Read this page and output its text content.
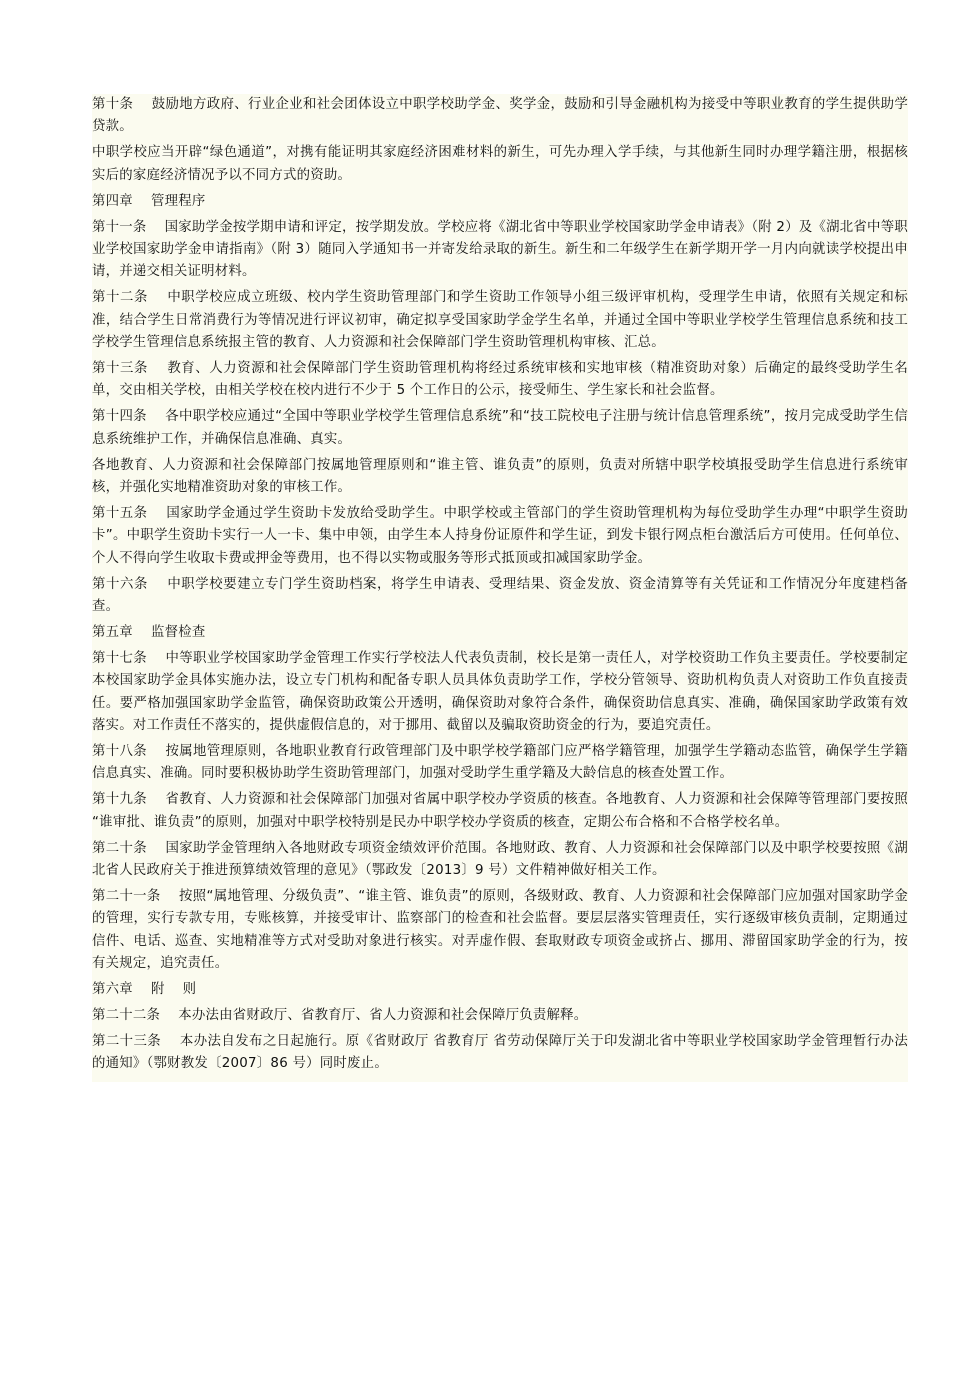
第十条    鼓励地方政府、行业企业和社会团体设立中职学校助学金、奖学金，鼓励和引导金融机构为接受中等职业教育的学生提供助学贷款。

中职学校应当开辟“绿色通道”，对携有能证明其家庭经济困难材料的新生，可先办理入学手续，与其他新生同时办理学籍注册，根据核实后的家庭经济情况予以不同方式的资助。

第四章    管理程序

第十一条    国家助学金按学期申请和评定，按学期发放。学校应将《湖北省中等职业学校国家助学金申请表》（附 2）及《湖北省中等职业学校国家助学金申请指南》（附 3）随同入学通知书一并寄发给录取的新生。新生和二年级学生在新学期开学一月内向就读学校提出申请，并递交相关证明材料。

第十二条    中职学校应成立班级、校内学生资助管理部门和学生资助工作领导小组三级评审机构，受理学生申请，依照有关规定和标准，结合学生日常消费行为等情况进行评议初审，确定拟享受国家助学金学生名单，并通过全国中等职业学校学生管理信息系统和技工学校学生管理信息系统报主管的教育、人力资源和社会保障部门学生资助管理机构审核、汇总。

第十三条    教育、人力资源和社会保障部门学生资助管理机构将经过系统审核和实地审核（精准资助对象）后确定的最终受助学生名单，交由相关学校，由相关学校在校内进行不少于 5 个工作日的公示，接受师生、学生家长和社会监督。

第十四条    各中职学校应通过“全国中等职业学校学生管理信息系统”和“技工院校电子注册与统计信息管理系统”，按月完成受助学生信息系统维护工作，并确保信息准确、真实。

各地教育、人力资源和社会保障部门按属地管理原则和“谁主管、谁负责”的原则，负责对所辖中职学校填报受助学生信息进行系统审核，并强化实地精准资助对象的审核工作。

第十五条    国家助学金通过学生资助卡发放给受助学生。中职学校或主管部门的学生资助管理机构为每位受助学生办理“中职学生资助卡”。中职学生资助卡实行一人一卡、集中申领，由学生本人持身份证原件和学生证，到发卡银行网点柜台激活后方可使用。任何单位、个人不得向学生收取卡费或押金等费用，也不得以实物或服务等形式抵顶或扣减国家助学金。

第十六条    中职学校要建立专门学生资助档案，将学生申请表、受理结果、资金发放、资金清算等有关凭证和工作情况分年度建档备查。

第五章    监督检查

第十七条    中等职业学校国家助学金管理工作实行学校法人代表负责制，校长是第一责任人，对学校资助工作负主要责任。学校要制定本校国家助学金具体实施办法，设立专门机构和配备专职人员具体负责助学工作，学校分管领导、资助机构负责人对资助工作负直接责任。要严格加强国家助学金监管，确保资助政策公开透明，确保资助对象符合条件，确保资助信息真实、准确，确保国家助学政策有效落实。对工作责任不落实的，提供虚假信息的，对于挪用、截留以及骗取资助资金的行为，要追究责任。

第十八条    按属地管理原则，各地职业教育行政管理部门及中职学校学籍部门应严格学籍管理，加强学生学籍动态监管，确保学生学籍信息真实、准确。同时要积极协助学生资助管理部门，加强对受助学生重学籍及大龄信息的核查处置工作。

第十九条    省教育、人力资源和社会保障部门加强对省属中职学校办学资质的核查。各地教育、人力资源和社会保障等管理部门要按照 “谁审批、谁负责”的原则，加强对中职学校特别是民办中职学校办学资质的核查，定期公布合格和不合格学校名单。

第二十条    国家助学金管理纳入各地财政专项资金绩效评价范围。各地财政、教育、人力资源和社会保障部门以及中职学校要按照《湖北省人民政府关于推进预算绩效管理的意见》（鄂政发〔2013〕9 号）文件精神做好相关工作。

第二十一条    按照“属地管理、分级负责”、“谁主管、谁负责”的原则，各级财政、教育、人力资源和社会保障部门应加强对国家助学金的管理，实行专款专用，专账核算，并接受审计、监察部门的检查和社会监督。要层层落实管理责任，实行逐级审核负责制，定期通过信件、电话、巡查、实地精准等方式对受助对象进行核实。对弄虚作假、套取财政专项资金或挤占、挪用、滞留国家助学金的行为，按有关规定，追究责任。

第六章    附    则

第二十二条    本办法由省财政厅、省教育厅、省人力资源和社会保障厅负责解释。

第二十三条    本办法自发布之日起施行。原《省财政厅 省教育厅 省劳动保障厅关于印发湖北省中等职业学校国家助学金管理暂行办法的通知》（鄂财教发〔2007〕86 号）同时废止。
